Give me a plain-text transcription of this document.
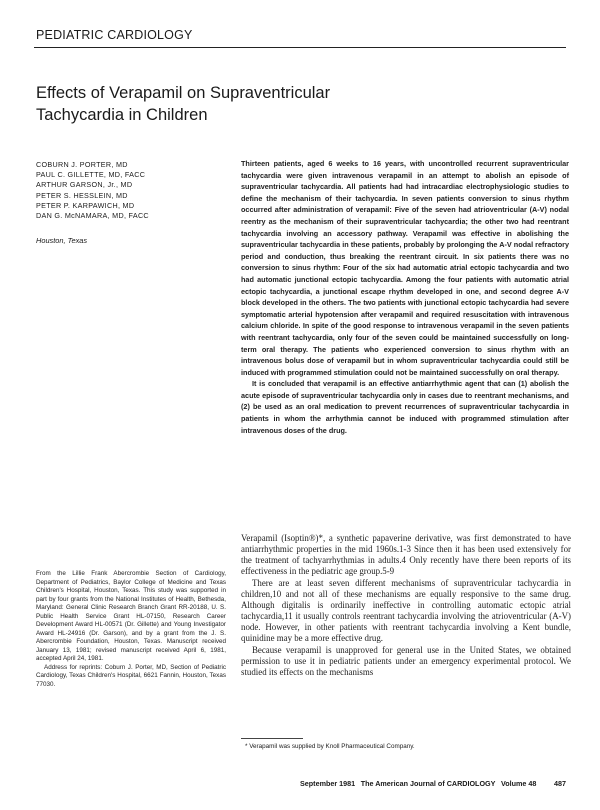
PEDIATRIC CARDIOLOGY
Effects of Verapamil on Supraventricular
Tachycardia in Children
COBURN J. PORTER, MD
PAUL C. GILLETTE, MD, FACC
ARTHUR GARSON, Jr., MD
PETER S. HESSLEIN, MD
PETER P. KARPAWICH, MD
DAN G. McNAMARA, MD, FACC
Houston, Texas

Thirteen patients, aged 6 weeks to 16 years, with uncontrolled recurrent supraventricular tachycardia were given intravenous verapamil in an attempt to abolish an episode of supraventricular tachycardia. All patients had had intracardiac electrophysiologic studies to define the mechanism of their tachycardia. In seven patients conversion to sinus rhythm occurred after administration of verapamil: Five of the seven had atrioventricular (A-V) nodal reentry as the mechanism of their supraventricular tachycardia; the other two had reentrant tachycardia involving an accessory pathway. Verapamil was effective in abolishing the supraventricular tachycardia in these patients, probably by prolonging the A-V nodal refractory period and conduction, thus breaking the reentrant circuit. In six patients there was no conversion to sinus rhythm: Four of the six had automatic atrial ectopic tachycardia and two had automatic junctional ectopic tachycardia. Among the four patients with automatic atrial ectopic tachycardia, a junctional escape rhythm developed in one, and second degree A-V block developed in the others. The two patients with junctional ectopic tachycardia had severe symptomatic arterial hypotension after verapamil and required resuscitation with intravenous calcium chloride. In spite of the good response to intravenous verapamil in the seven patients with reentrant tachycardia, only four of the seven could be maintained successfully on long-term oral therapy. The patients who experienced conversion to sinus rhythm with an intravenous bolus dose of verapamil but in whom supraventricular tachycardia could still be induced with programmed stimulation could not be maintained successfully on oral therapy.

It is concluded that verapamil is an effective antiarrhythmic agent that can (1) abolish the acute episode of supraventricular tachycardia only in cases due to reentrant mechanisms, and (2) be used as an oral medication to prevent recurrences of supraventricular tachycardia in patients in whom the arrhythmia cannot be induced with programmed stimulation after intravenous doses of the drug.

Verapamil (Isoptin®)*, a synthetic papaverine derivative, was first demonstrated to have antiarrhythmic properties in the mid 1960s.1-3 Since then it has been used extensively for the treatment of tachyarrhythmias in adults.4 Only recently have there been reports of its effectiveness in the pediatric age group.5-9

There are at least seven different mechanisms of supraventricular tachycardia in children,10 and not all of these mechanisms are equally responsive to the same drug. Although digitalis is ordinarily ineffective in controlling automatic ectopic atrial tachycardia,11 it usually controls reentrant tachycardia involving the atrioventricular (A-V) node. However, in other patients with reentrant tachycardia involving a Kent bundle, quinidine may be a more effective drug.

Because verapamil is unapproved for general use in the United States, we obtained permission to use it in pediatric patients under an emergency experimental protocol. We studied its effects on the mechanisms

From the Lillie Frank Abercrombie Section of Cardiology, Department of Pediatrics, Baylor College of Medicine and Texas Children's Hospital, Houston, Texas. This study was supported in part by four grants from the National Institutes of Health, Bethesda, Maryland: General Clinic Research Branch Grant RR-20188, U. S. Public Health Service Grant HL-07150, Research Career Development Award HL-00571 (Dr. Gillette) and Young Investigator Award HL-24916 (Dr. Garson), and by a grant from the J. S. Abercrombie Foundation, Houston, Texas. Manuscript received January 13, 1981; revised manuscript received April 6, 1981, accepted April 24, 1981.

Address for reprints: Coburn J. Porter, MD, Section of Pediatric Cardiology, Texas Children's Hospital, 6621 Fannin, Houston, Texas 77030.

* Verapamil was supplied by Knoll Pharmaceutical Company.
September 1981 The American Journal of CARDIOLOGY Volume 48 487
